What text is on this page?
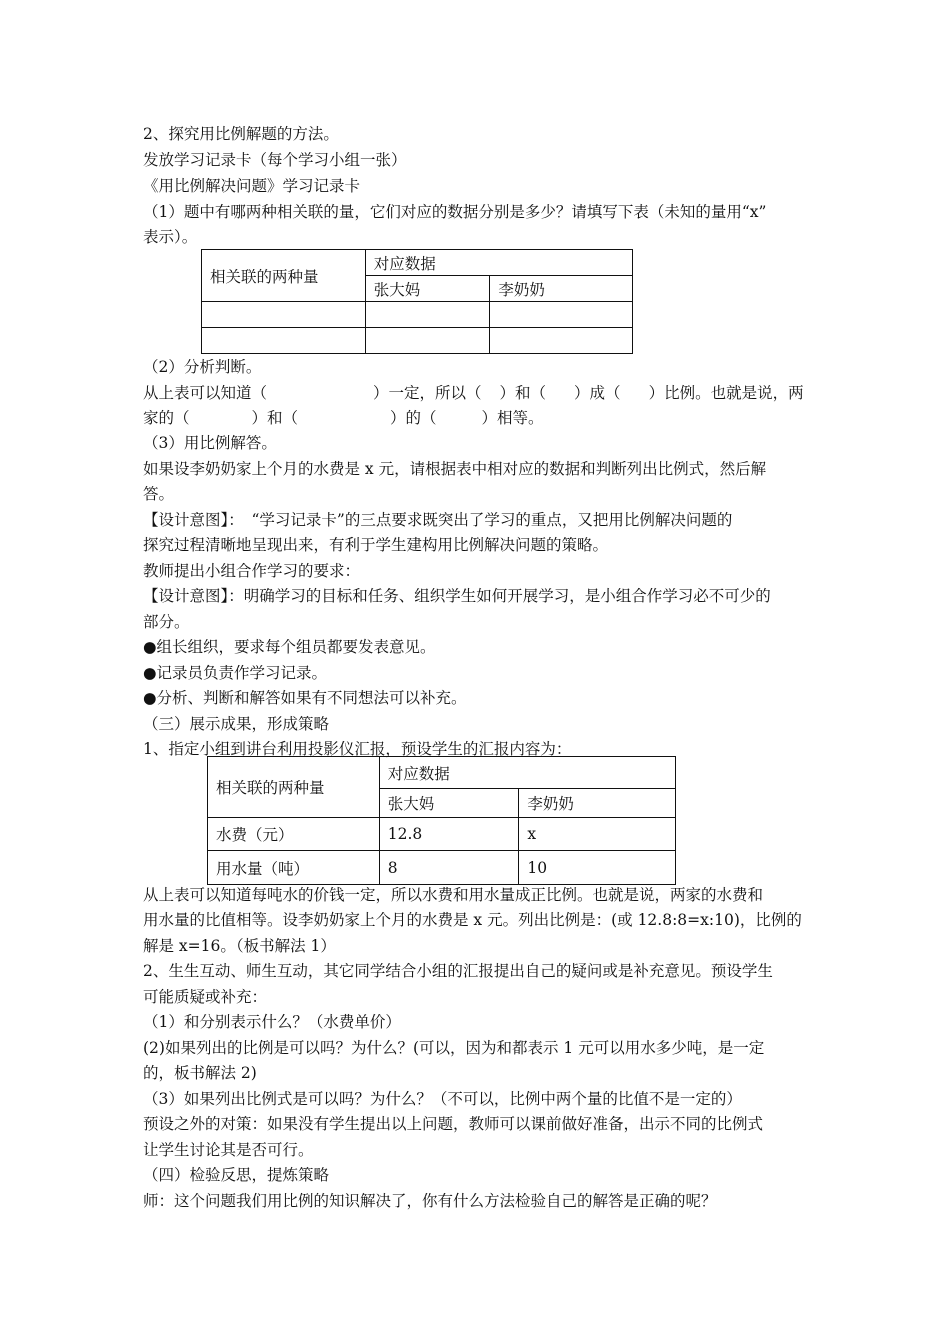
2、探究用比例解题的方法。
发放学习记录卡（每个学习小组一张）
《用比例解决问题》学习记录卡
（1）题中有哪两种相关联的量，它们对应的数据分别是多少？请填写下表（未知的量用“x”
表示）。
相关联的两种量	对应数据	
	张大妈	李奶奶

（2）分析判断。
从上表可以知道（	）一定，所以（ ）和（ ）成（ ）比例。也就是说，两
家的（	）和（	）的（	）相等。
（3）用比例解答。
如果设李奶奶家上个月的水费是 x 元，请根据表中相对应的数据和判断列出比例式，然后解
答。
【设计意图】：　“学习记录卡”的三点要求既突出了学习的重点，又把用比例解决问题的
探究过程清晰地呈现出来，有利于学生建构用比例解决问题的策略。
教师提出小组合作学习的要求：
【设计意图】：明确学习的目标和任务、组织学生如何开展学习，是小组合作学习必不可少的
部分。
●组长组织，要求每个组员都要发表意见。
●记录员负责作学习记录。
●分析、判断和解答如果有不同想法可以补充。
（三）展示成果，形成策略
1、指定小组到讲台利用投影仪汇报，预设学生的汇报内容为：
相关联的两种量	对应数据	
	张大妈	李奶奶
水费（元）	12.8	x
用水量（吨）	8	10
从上表可以知道每吨水的价钱一定，所以水费和用水量成正比例。也就是说，两家的水费和
用水量的比值相等。设李奶奶家上个月的水费是 x 元。列出比例是：(或 12.8:8=x:10)，比例的
解是 x=16。（板书解法 1）
2、生生互动、师生互动，其它同学结合小组的汇报提出自己的疑问或是补充意见。预设学生
可能质疑或补充：
（1）和分别表示什么？（水费单价）
(2)如果列出的比例是可以吗？为什么？(可以，因为和都表示 1 元可以用水多少吨，是一定
的，板书解法 2)
（3）如果列出比例式是可以吗？为什么？（不可以，比例中两个量的比值不是一定的）
预设之外的对策：如果没有学生提出以上问题，教师可以课前做好准备，出示不同的比例式
让学生讨论其是否可行。
（四）检验反思，提炼策略
师：这个问题我们用比例的知识解决了，你有什么方法检验自己的解答是正确的呢？
